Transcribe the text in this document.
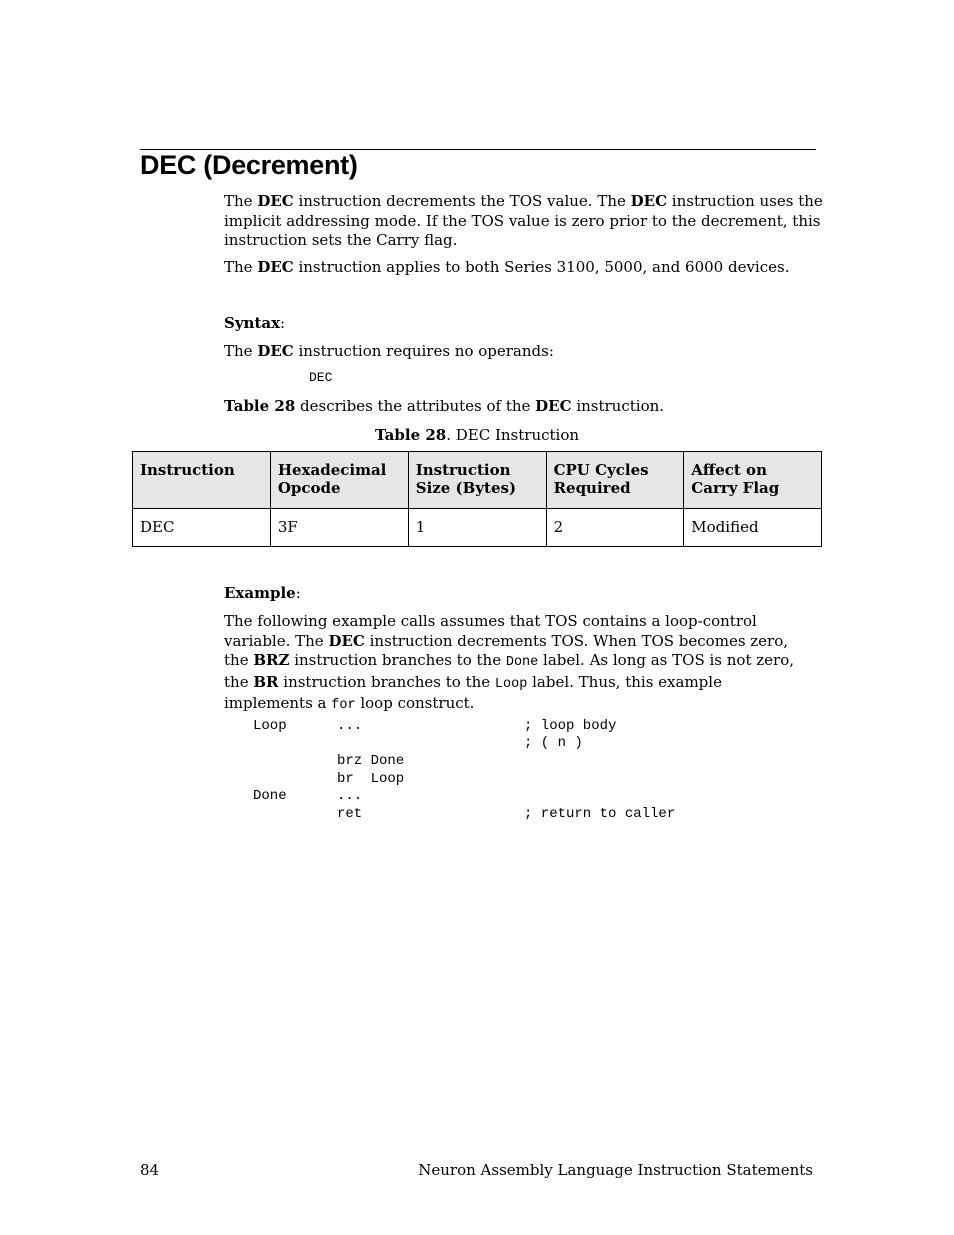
DEC (Decrement)
The DEC instruction decrements the TOS value. The DEC instruction uses the implicit addressing mode. If the TOS value is zero prior to the decrement, this instruction sets the Carry flag.
The DEC instruction applies to both Series 3100, 5000, and 6000 devices.
Syntax:
The DEC instruction requires no operands:
DEC
Table 28 describes the attributes of the DEC instruction.
Table 28. DEC Instruction
Instruction	Hexadecimal Opcode	Instruction Size (Bytes)	CPU Cycles Required	Affect on Carry Flag
DEC	3F	1	2	Modified
Example:
The following example calls assumes that TOS contains a loop-control variable. The DEC instruction decrements TOS. When TOS becomes zero, the BRZ instruction branches to the Done label. As long as TOS is not zero, the BR instruction branches to the Loop label. Thus, this example implements a for loop construct.
Loop
Done
...
brz Done
br  Loop
...
ret
; loop body
; ( n )
; return to caller
84	Neuron Assembly Language Instruction Statements
